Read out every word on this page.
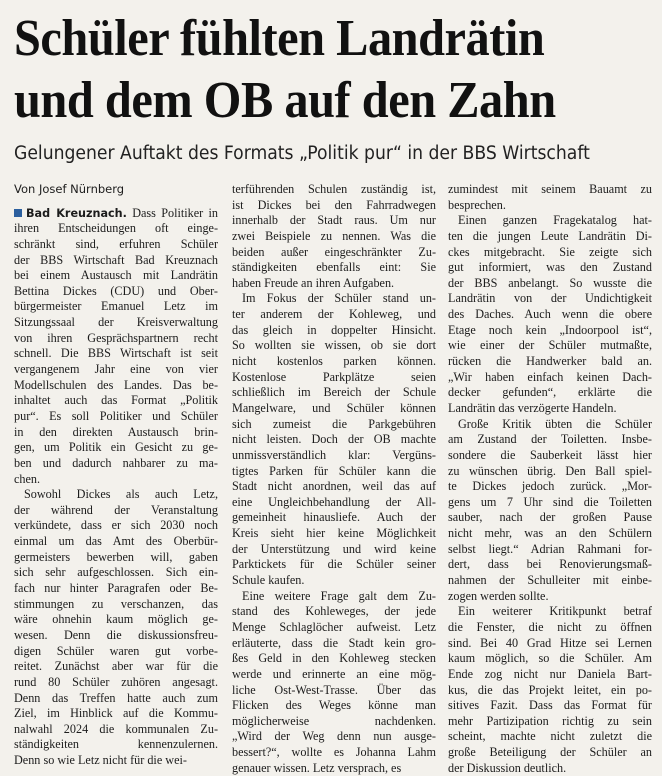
Schüler fühlten Landrätin
und dem OB auf den Zahn
Gelungener Auftakt des Formats „Politik pur“ in der BBS Wirtschaft
Von Josef Nürnberg
Bad Kreuznach. Dass Politiker in
ihren Entscheidungen oft einge-
schränkt sind, erfuhren Schüler
der BBS Wirtschaft Bad Kreuznach
bei einem Austausch mit Landrätin
Bettina Dickes (CDU) und Ober-
bürgermeister Emanuel Letz im
Sitzungssaal der Kreisverwaltung
von ihren Gesprächspartnern recht
schnell. Die BBS Wirtschaft ist seit
vergangenem Jahr eine von vier
Modellschulen des Landes. Das be-
inhaltet auch das Format „Politik
pur“. Es soll Politiker und Schüler
in den direkten Austausch brin-
gen, um Politik ein Gesicht zu ge-
ben und dadurch nahbarer zu ma-
chen.
Sowohl Dickes als auch Letz,
der während der Veranstaltung
verkündete, dass er sich 2030 noch
einmal um das Amt des Oberbür-
germeisters bewerben will, gaben
sich sehr aufgeschlossen. Sich ein-
fach nur hinter Paragrafen oder Be-
stimmungen zu verschanzen, das
wäre ohnehin kaum möglich ge-
wesen. Denn die diskussionsfreu-
digen Schüler waren gut vorbe-
reitet. Zunächst aber war für die
rund 80 Schüler zuhören angesagt.
Denn das Treffen hatte auch zum
Ziel, im Hinblick auf die Kommu-
nalwahl 2024 die kommunalen Zu-
ständigkeiten kennenzulernen.
Denn so wie Letz nicht für die wei-
terführenden Schulen zuständig ist,
ist Dickes bei den Fahrradwegen
innerhalb der Stadt raus. Um nur
zwei Beispiele zu nennen. Was die
beiden außer eingeschränkter Zu-
ständigkeiten ebenfalls eint: Sie
haben Freude an ihren Aufgaben.
Im Fokus der Schüler stand un-
ter anderem der Kohleweg, und
das gleich in doppelter Hinsicht.
So wollten sie wissen, ob sie dort
nicht kostenlos parken können.
Kostenlose Parkplätze seien
schließlich im Bereich der Schule
Mangelware, und Schüler können
sich zumeist die Parkgebühren
nicht leisten. Doch der OB machte
unmissverständlich klar: Vergüns-
tigtes Parken für Schüler kann die
Stadt nicht anordnen, weil das auf
eine Ungleichbehandlung der All-
gemeinheit hinausliefe. Auch der
Kreis sieht hier keine Möglichkeit
der Unterstützung und wird keine
Parktickets für die Schüler seiner
Schule kaufen.
Eine weitere Frage galt dem Zu-
stand des Kohleweges, der jede
Menge Schlaglöcher aufweist. Letz
erläuterte, dass die Stadt kein gro-
ßes Geld in den Kohleweg stecken
werde und erinnerte an eine mög-
liche Ost-West-Trasse. Über das
Flicken des Weges könne man
möglicherweise nachdenken.
„Wird der Weg denn nun ausge-
bessert?“, wollte es Johanna Lahm
genauer wissen. Letz versprach, es
zumindest mit seinem Bauamt zu
besprechen.
Einen ganzen Fragekatalog hat-
ten die jungen Leute Landrätin Di-
ckes mitgebracht. Sie zeigte sich
gut informiert, was den Zustand
der BBS anbelangt. So wusste die
Landrätin von der Undichtigkeit
des Daches. Auch wenn die obere
Etage noch kein „Indoorpool ist“,
wie einer der Schüler mutmaßte,
rücken die Handwerker bald an.
„Wir haben einfach keinen Dach-
decker gefunden“, erklärte die
Landrätin das verzögerte Handeln.
Große Kritik übten die Schüler
am Zustand der Toiletten. Insbe-
sondere die Sauberkeit lässt hier
zu wünschen übrig. Den Ball spiel-
te Dickes jedoch zurück. „Mor-
gens um 7 Uhr sind die Toiletten
sauber, nach der großen Pause
nicht mehr, was an den Schülern
selbst liegt.“ Adrian Rahmani for-
dert, dass bei Renovierungsmaß-
nahmen der Schulleiter mit einbe-
zogen werden sollte.
Ein weiterer Kritikpunkt betraf
die Fenster, die nicht zu öffnen
sind. Bei 40 Grad Hitze sei Lernen
kaum möglich, so die Schüler. Am
Ende zog nicht nur Daniela Bart-
kus, die das Projekt leitet, ein po-
sitives Fazit. Dass das Format für
mehr Partizipation richtig zu sein
scheint, machte nicht zuletzt die
große Beteiligung der Schüler an
der Diskussion deutlich.
